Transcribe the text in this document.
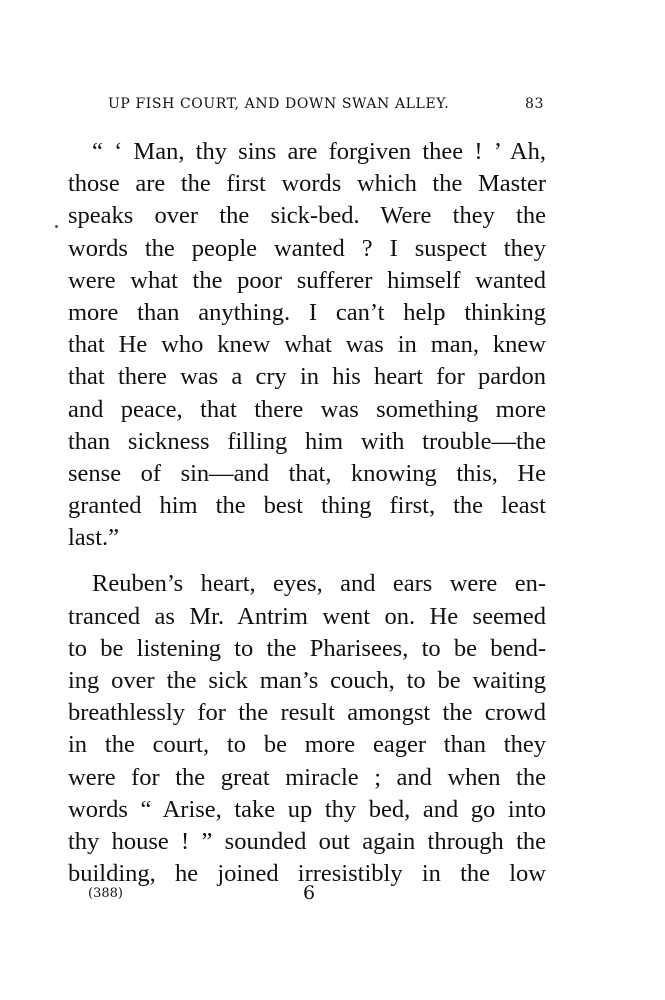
UP FISH COURT, AND DOWN SWAN ALLEY.	83
“ ‘ Man, thy sins are forgiven thee ! ’ Ah,
those are the first words which the Master
speaks over the sick-bed. Were they the
words the people wanted ? I suspect they
were what the poor sufferer himself wanted
more than anything. I can’t help thinking
that He who knew what was in man, knew
that there was a cry in his heart for pardon
and peace, that there was something more
than sickness filling him with trouble—the
sense of sin—and that, knowing this, He
granted him the best thing first, the least
last.”
Reuben’s heart, eyes, and ears were en-
tranced as Mr. Antrim went on. He seemed
to be listening to the Pharisees, to be bend-
ing over the sick man’s couch, to be waiting
breathlessly for the result amongst the crowd
in the court, to be more eager than they
were for the great miracle ; and when the
words “ Arise, take up thy bed, and go into
thy house ! ” sounded out again through the
building, he joined irresistibly in the low
(388)	6
